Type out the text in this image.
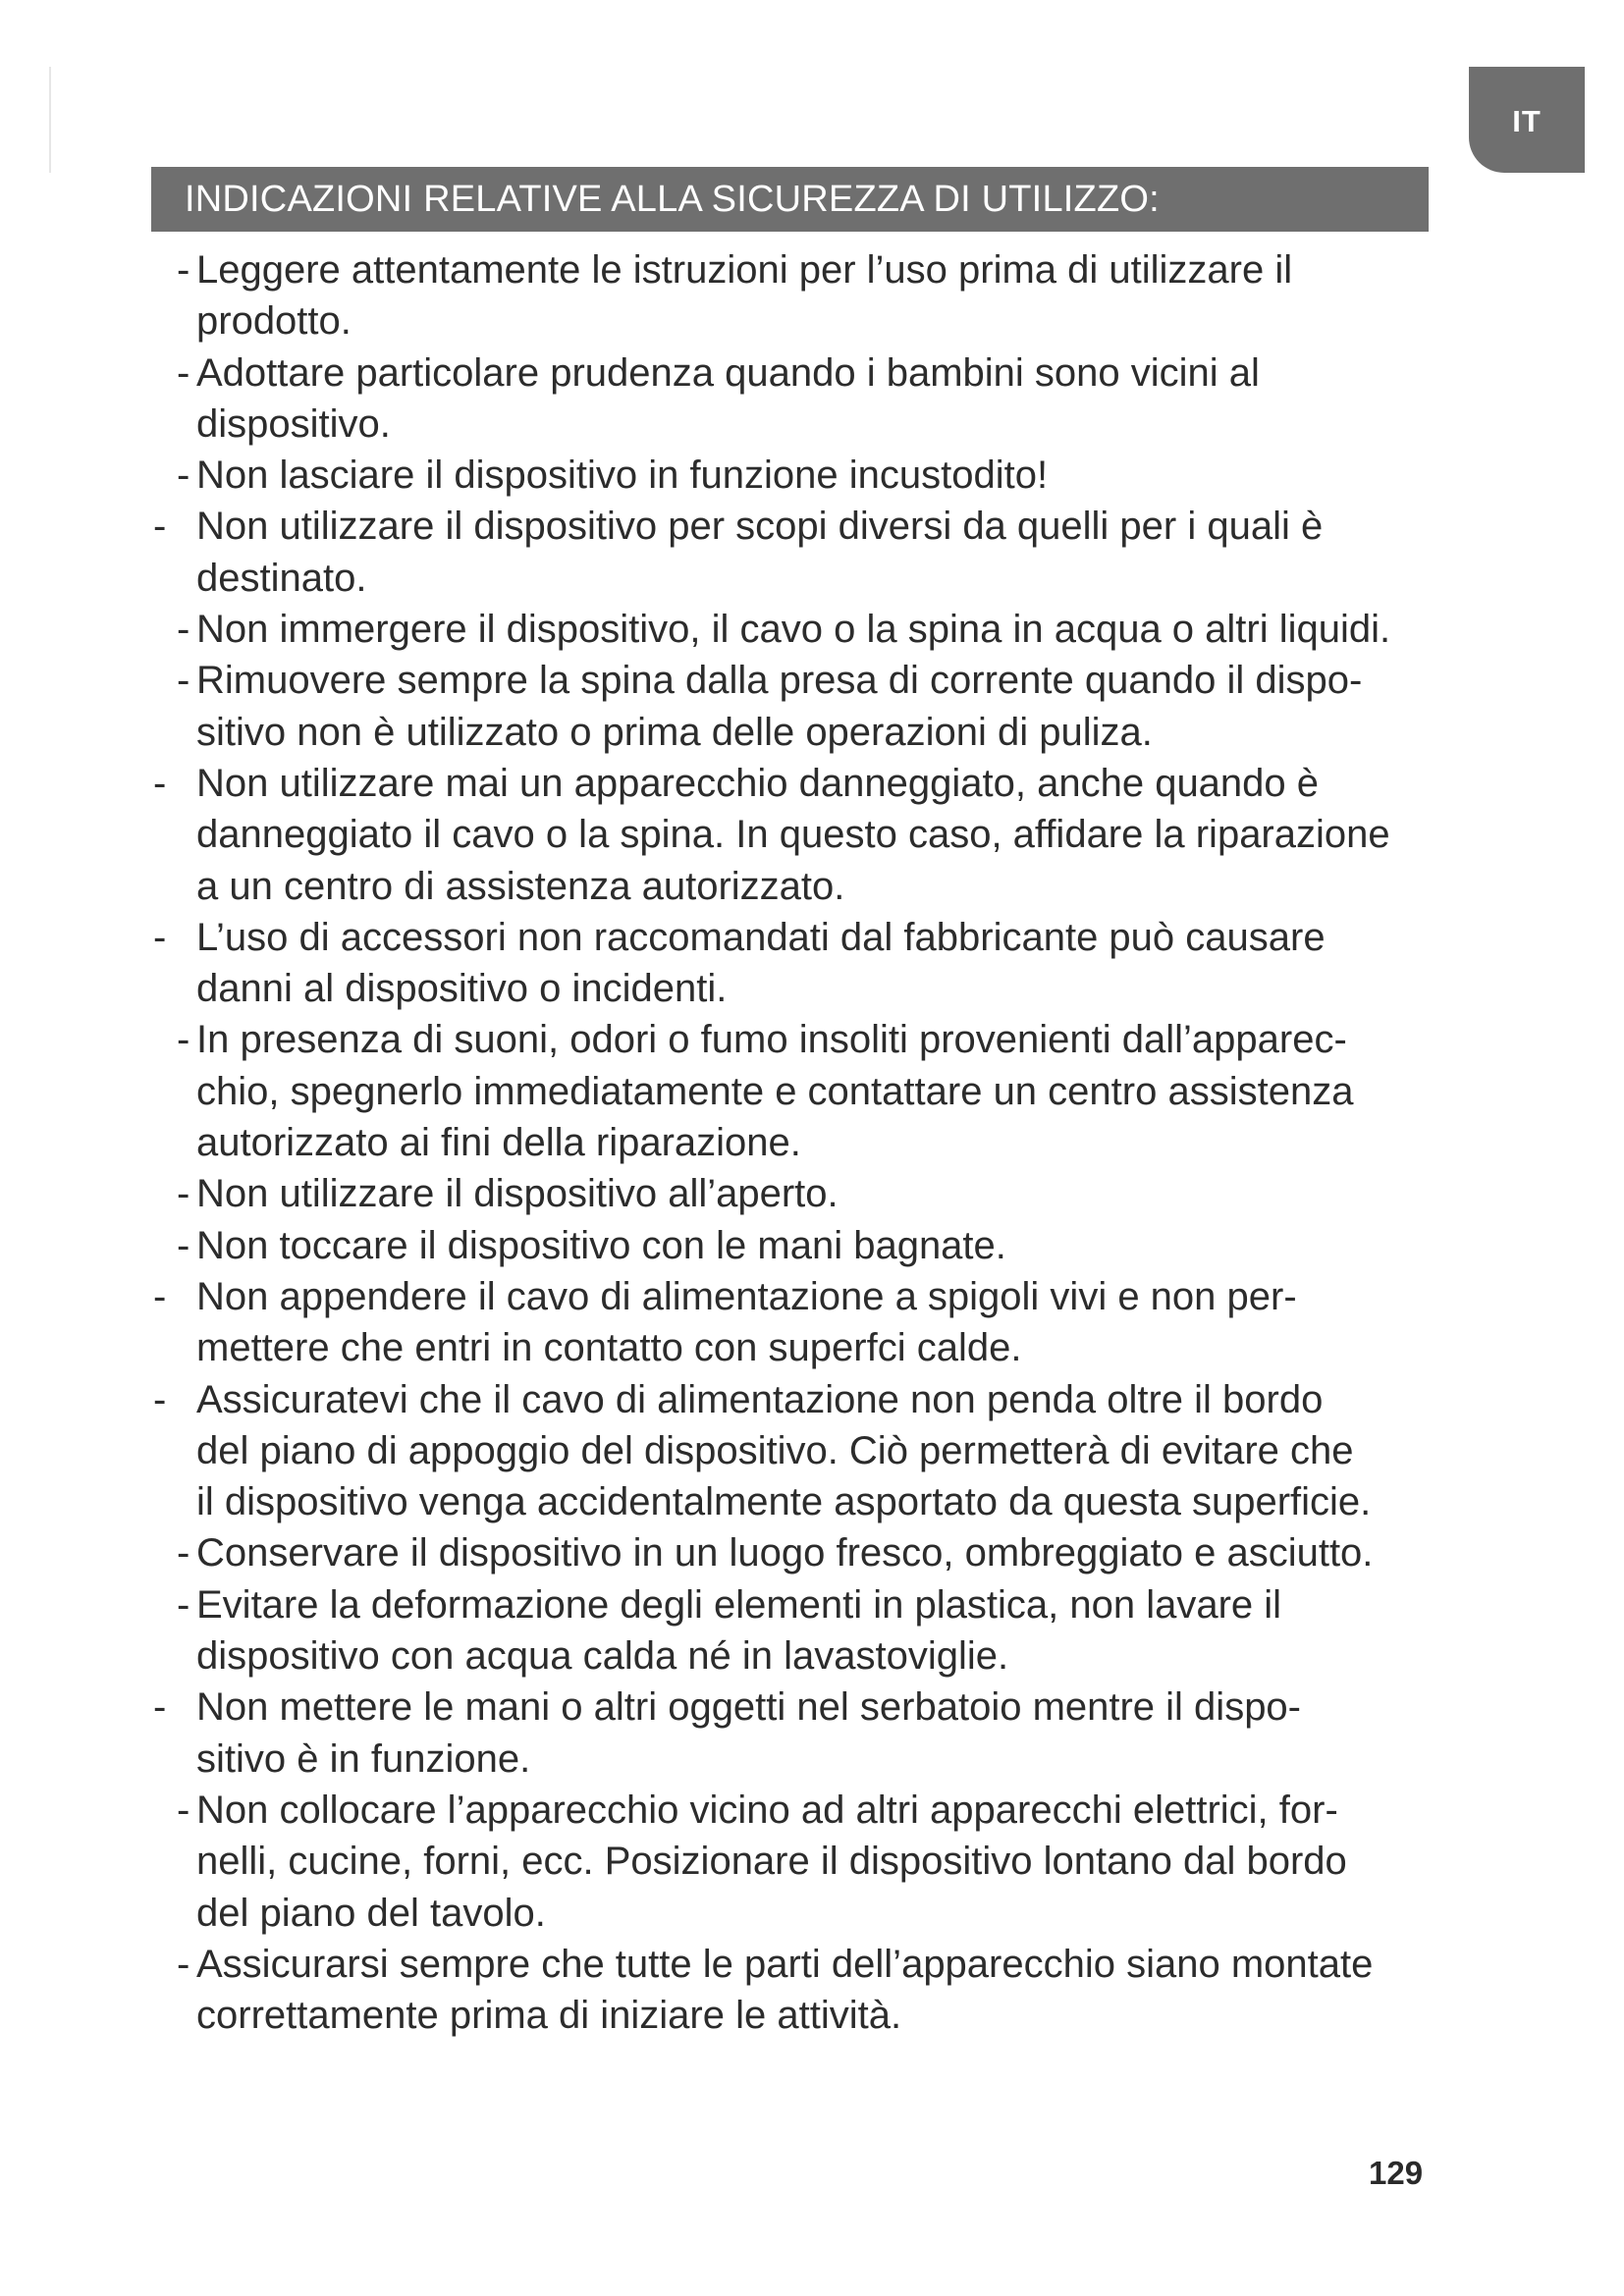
IT
INDICAZIONI RELATIVE ALLA SICUREZZA DI UTILIZZO:
- Leggere attentamente le istruzioni per l’uso prima di utilizzare il
prodotto.
- Adottare particolare prudenza quando i bambini sono vicini al
dispositivo.
- Non lasciare il dispositivo in funzione incustodito!
- Non utilizzare il dispositivo per scopi diversi da quelli per i quali è
destinato.
- Non immergere il dispositivo, il cavo o la spina in acqua o altri liquidi.
- Rimuovere sempre la spina dalla presa di corrente quando il dispo-
sitivo non è utilizzato o prima delle operazioni di puliza.
- Non utilizzare mai un apparecchio danneggiato, anche quando è
danneggiato il cavo o la spina. In questo caso, affidare la riparazione
a un centro di assistenza autorizzato.
- L’uso di accessori non raccomandati dal fabbricante può causare
danni al dispositivo o incidenti.
- In presenza di suoni, odori o fumo insoliti provenienti dall’apparec-
chio, spegnerlo immediatamente e contattare un centro assistenza
autorizzato ai fini della riparazione.
- Non utilizzare il dispositivo all’aperto.
- Non toccare il dispositivo con le mani bagnate.
- Non appendere il cavo di alimentazione a spigoli vivi e non per-
mettere che entri in contatto con superfci calde.
- Assicuratevi che il cavo di alimentazione non penda oltre il bordo
del piano di appoggio del dispositivo. Ciò permetterà di evitare che
il dispositivo venga accidentalmente asportato da questa superficie.
- Conservare il dispositivo in un luogo fresco, ombreggiato e asciutto.
- Evitare la deformazione degli elementi in plastica, non lavare il
dispositivo con acqua calda né in lavastoviglie.
- Non mettere le mani o altri oggetti nel serbatoio mentre il dispo-
sitivo è in funzione.
- Non collocare l’apparecchio vicino ad altri apparecchi elettrici, for-
nelli, cucine, forni, ecc. Posizionare il dispositivo lontano dal bordo
del piano del tavolo.
- Assicurarsi sempre che tutte le parti dell’apparecchio siano montate
correttamente prima di iniziare le attività.
129
